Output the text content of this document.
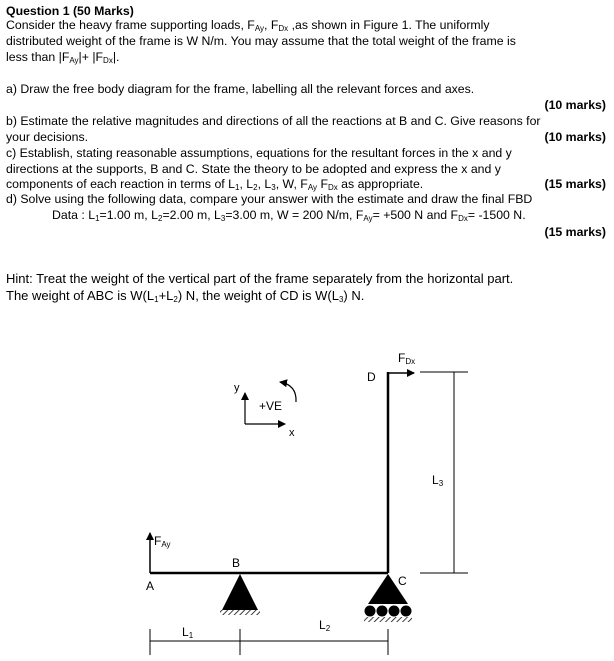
Question 1 (50 Marks)
Consider the heavy frame supporting loads, $F_{Ay}$, $F_{Dx}$ ,as shown in Figure 1. The uniformly
distributed weight of the frame is W N/m. You may assume that the total weight of the frame is
less than $|F_{Ay}|+ |F_{Dx}|$.
a) Draw the free body diagram for the frame, labelling all the relevant forces and axes.
(10 marks)
b) Estimate the relative magnitudes and directions of all the reactions at B and C. Give reasons for
your decisions.	(10 marks)
c) Establish, stating reasonable assumptions, equations for the resultant forces in the x and y
directions at the supports, B and C. State the theory to be adopted and express the x and y
components of each reaction in terms of $L_1$, $L_2$, $L_3$, W, $F_{Ay}$ $F_{Dx}$ as appropriate.	(15 marks)
d) Solve using the following data, compare your answer with the estimate and draw the final FBD
Data : $L_1=1.00$ m, $L_2=2.00$ m, $L_3=3.00$ m, W = 200 N/m, $F_{Ay}= +500$ N and $F_{Dx}= -1500$ N.
(15 marks)
Hint: Treat the weight of the vertical part of the frame separately from the horizontal part.
The weight of ABC is $W(L_1+L_2)$ N, the weight of CD is $W(L_3)$ N.
FDx
D
L3
y
x
+VE
FAy
A
B
C
L1
L2
